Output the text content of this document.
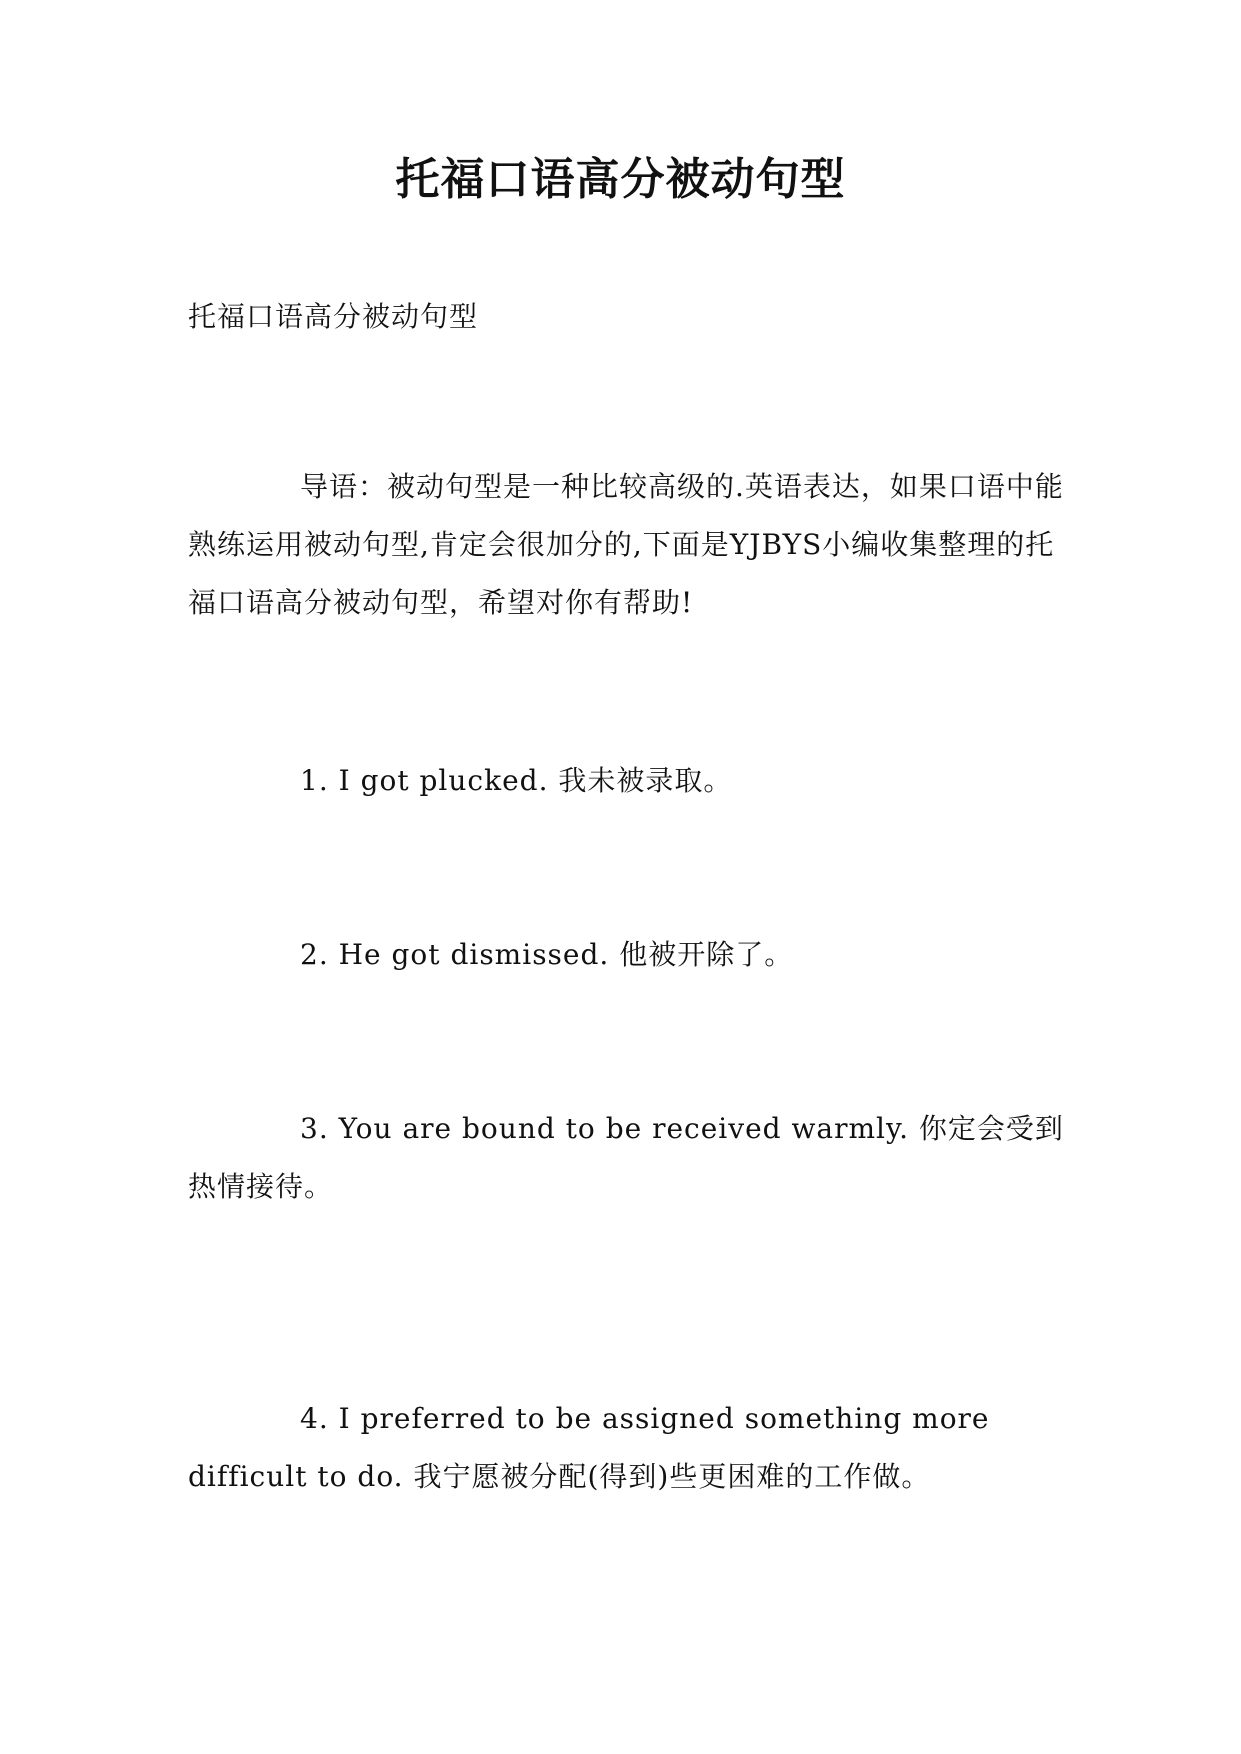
托福口语高分被动句型

托福口语高分被动句型

导语：被动句型是一种比较高级的.英语表达，如果口语中能熟练运用被动句型,肯定会很加分的,下面是YJBYS小编收集整理的托福口语高分被动句型，希望对你有帮助!

1. I got plucked. 我未被录取。

2. He got dismissed. 他被开除了。

3. You are bound to be received warmly. 你定会受到热情接待。

4. I preferred to be assigned something more difficult to do. 我宁愿被分配(得到)些更困难的工作做。
